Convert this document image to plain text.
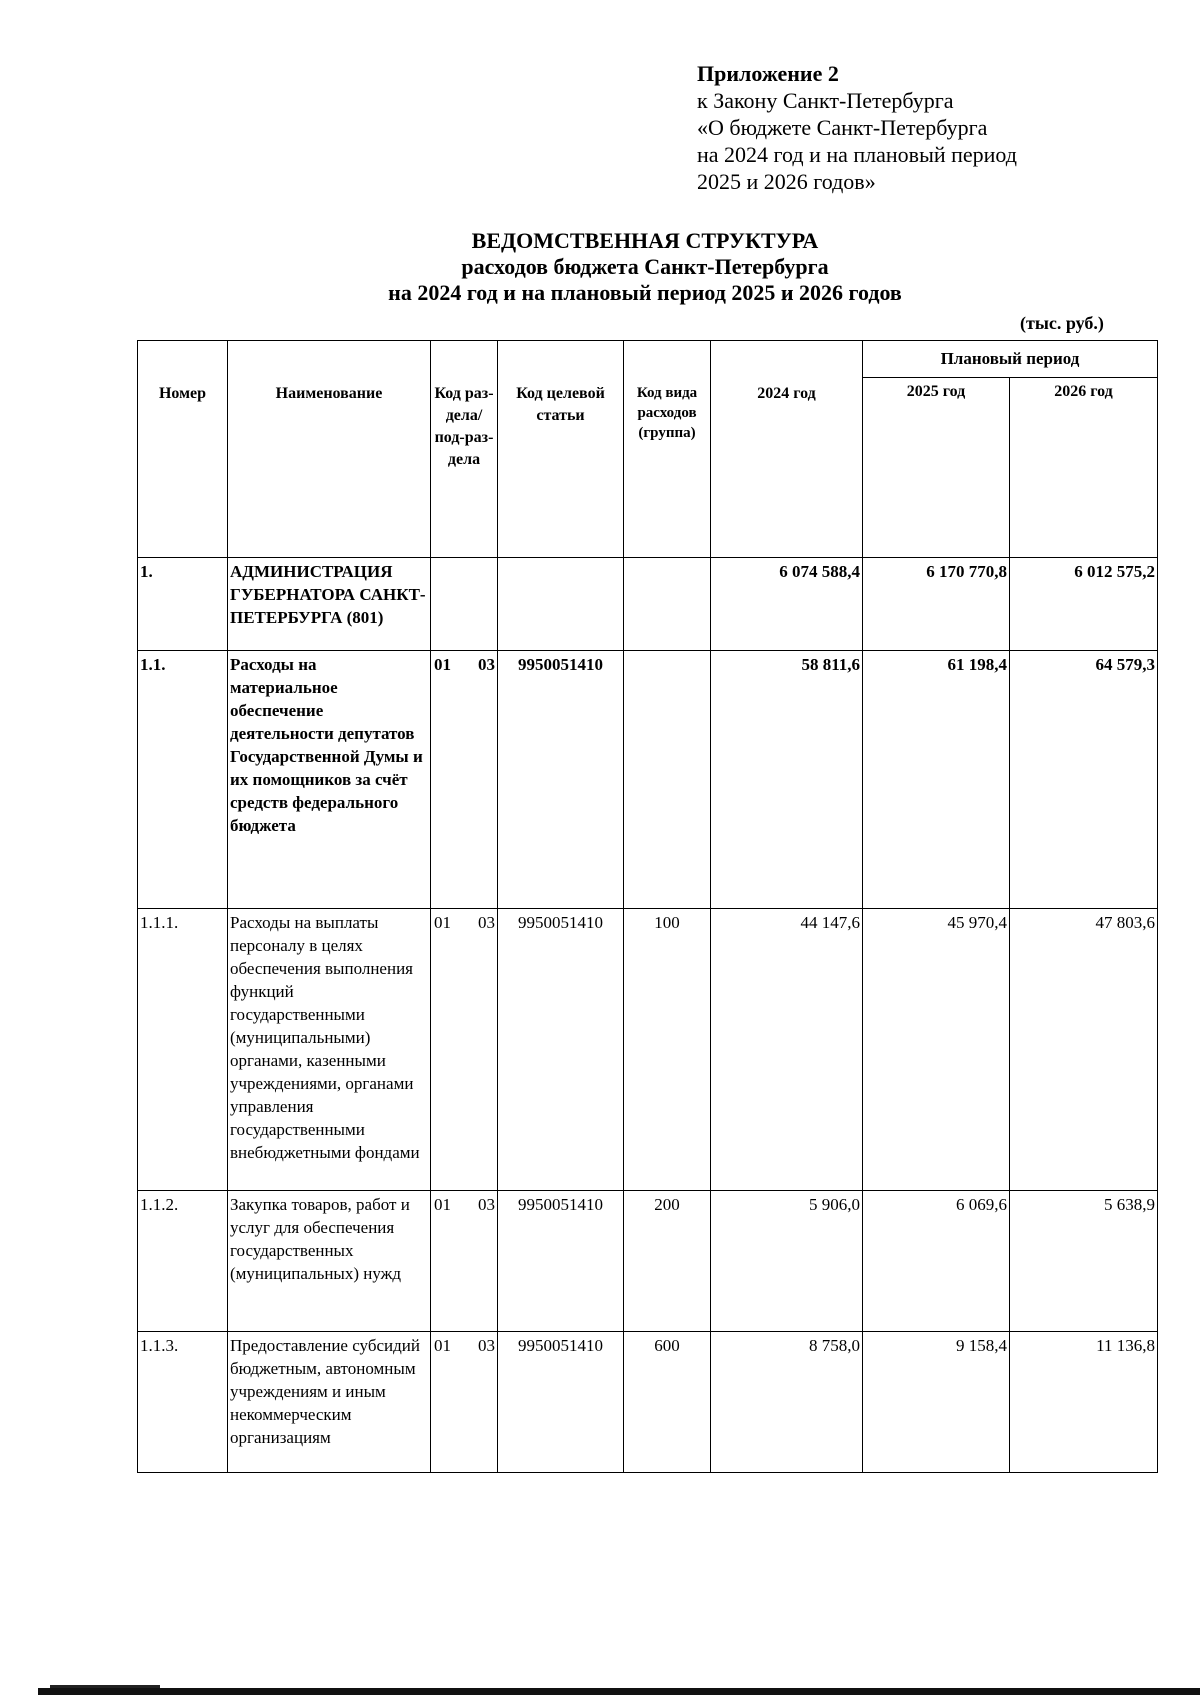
Приложение 2
к Закону Санкт-Петербурга
«О бюджете Санкт-Петербурга
на 2024 год и на плановый период
2025 и 2026 годов»
ВЕДОМСТВЕННАЯ СТРУКТУРА
расходов бюджета Санкт-Петербурга
на 2024 год и на плановый период 2025 и 2026 годов
(тыс. руб.)
Номер	Наименование	Код раз-дела/ под-раз-дела	Код целевой статьи	Код вида расходов (группа)	2024 год	Плановый период	
						2025 год	2026 год
1.	АДМИНИСТРАЦИЯ ГУБЕРНАТОРА САНКТ-ПЕТЕРБУРГА (801)				6 074 588,4	6 170 770,8	6 012 575,2
1.1.	Расходы на материальное обеспечение деятельности депутатов Государственной Думы и их помощников за счёт средств федерального бюджета	01 03	9950051410		58 811,6	61 198,4	64 579,3
1.1.1.	Расходы на выплаты персоналу в целях обеспечения выполнения функций государственными (муниципальными) органами, казенными учреждениями, органами управления государственными внебюджетными фондами	01 03	9950051410	100	44 147,6	45 970,4	47 803,6
1.1.2.	Закупка товаров, работ и услуг для обеспечения государственных (муниципальных) нужд	01 03	9950051410	200	5 906,0	6 069,6	5 638,9
1.1.3.	Предоставление субсидий бюджетным, автономным учреждениям и иным некоммерческим организациям	01 03	9950051410	600	8 758,0	9 158,4	11 136,8
